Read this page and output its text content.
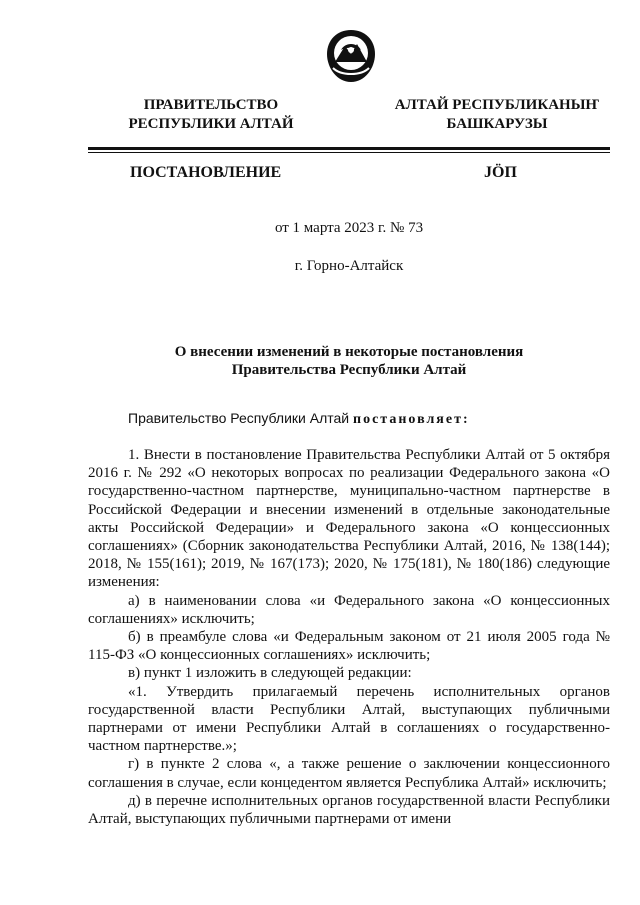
ПРАВИТЕЛЬСТВО
РЕСПУБЛИКИ АЛТАЙ
АЛТАЙ РЕСПУБЛИКАНЫҤ
БАШКАРУЗЫ
ПОСТАНОВЛЕНИЕ	JӦП
от 1 марта 2023 г. № 73
г. Горно-Алтайск
О внесении изменений в некоторые постановления
Правительства Республики Алтай
Правительство Республики Алтай постановляет:

1. Внести в постановление Правительства Республики Алтай от 5 октября 2016 г. № 292 «О некоторых вопросах по реализации Федерального закона «О государственно-частном партнерстве, муниципально-частном партнерстве в Российской Федерации и внесении изменений в отдельные законодательные акты Российской Федерации» и Федерального закона «О концессионных соглашениях» (Сборник законодательства Республики Алтай, 2016, № 138(144); 2018, № 155(161); 2019, № 167(173); 2020, № 175(181), № 180(186) следующие изменения:

а) в наименовании слова «и Федерального закона «О концессионных соглашениях» исключить;

б) в преамбуле слова «и Федеральным законом от 21 июля 2005 года № 115-ФЗ «О концессионных соглашениях» исключить;

в) пункт 1 изложить в следующей редакции:

«1. Утвердить прилагаемый перечень исполнительных органов государственной власти Республики Алтай, выступающих публичными партнерами от имени Республики Алтай в соглашениях о государственно-частном партнерстве.»;

г) в пункте 2 слова «, а также решение о заключении концессионного соглашения в случае, если концедентом является Республика Алтай» исключить;

д) в перечне исполнительных органов государственной власти Республики Алтай, выступающих публичными партнерами от имени
